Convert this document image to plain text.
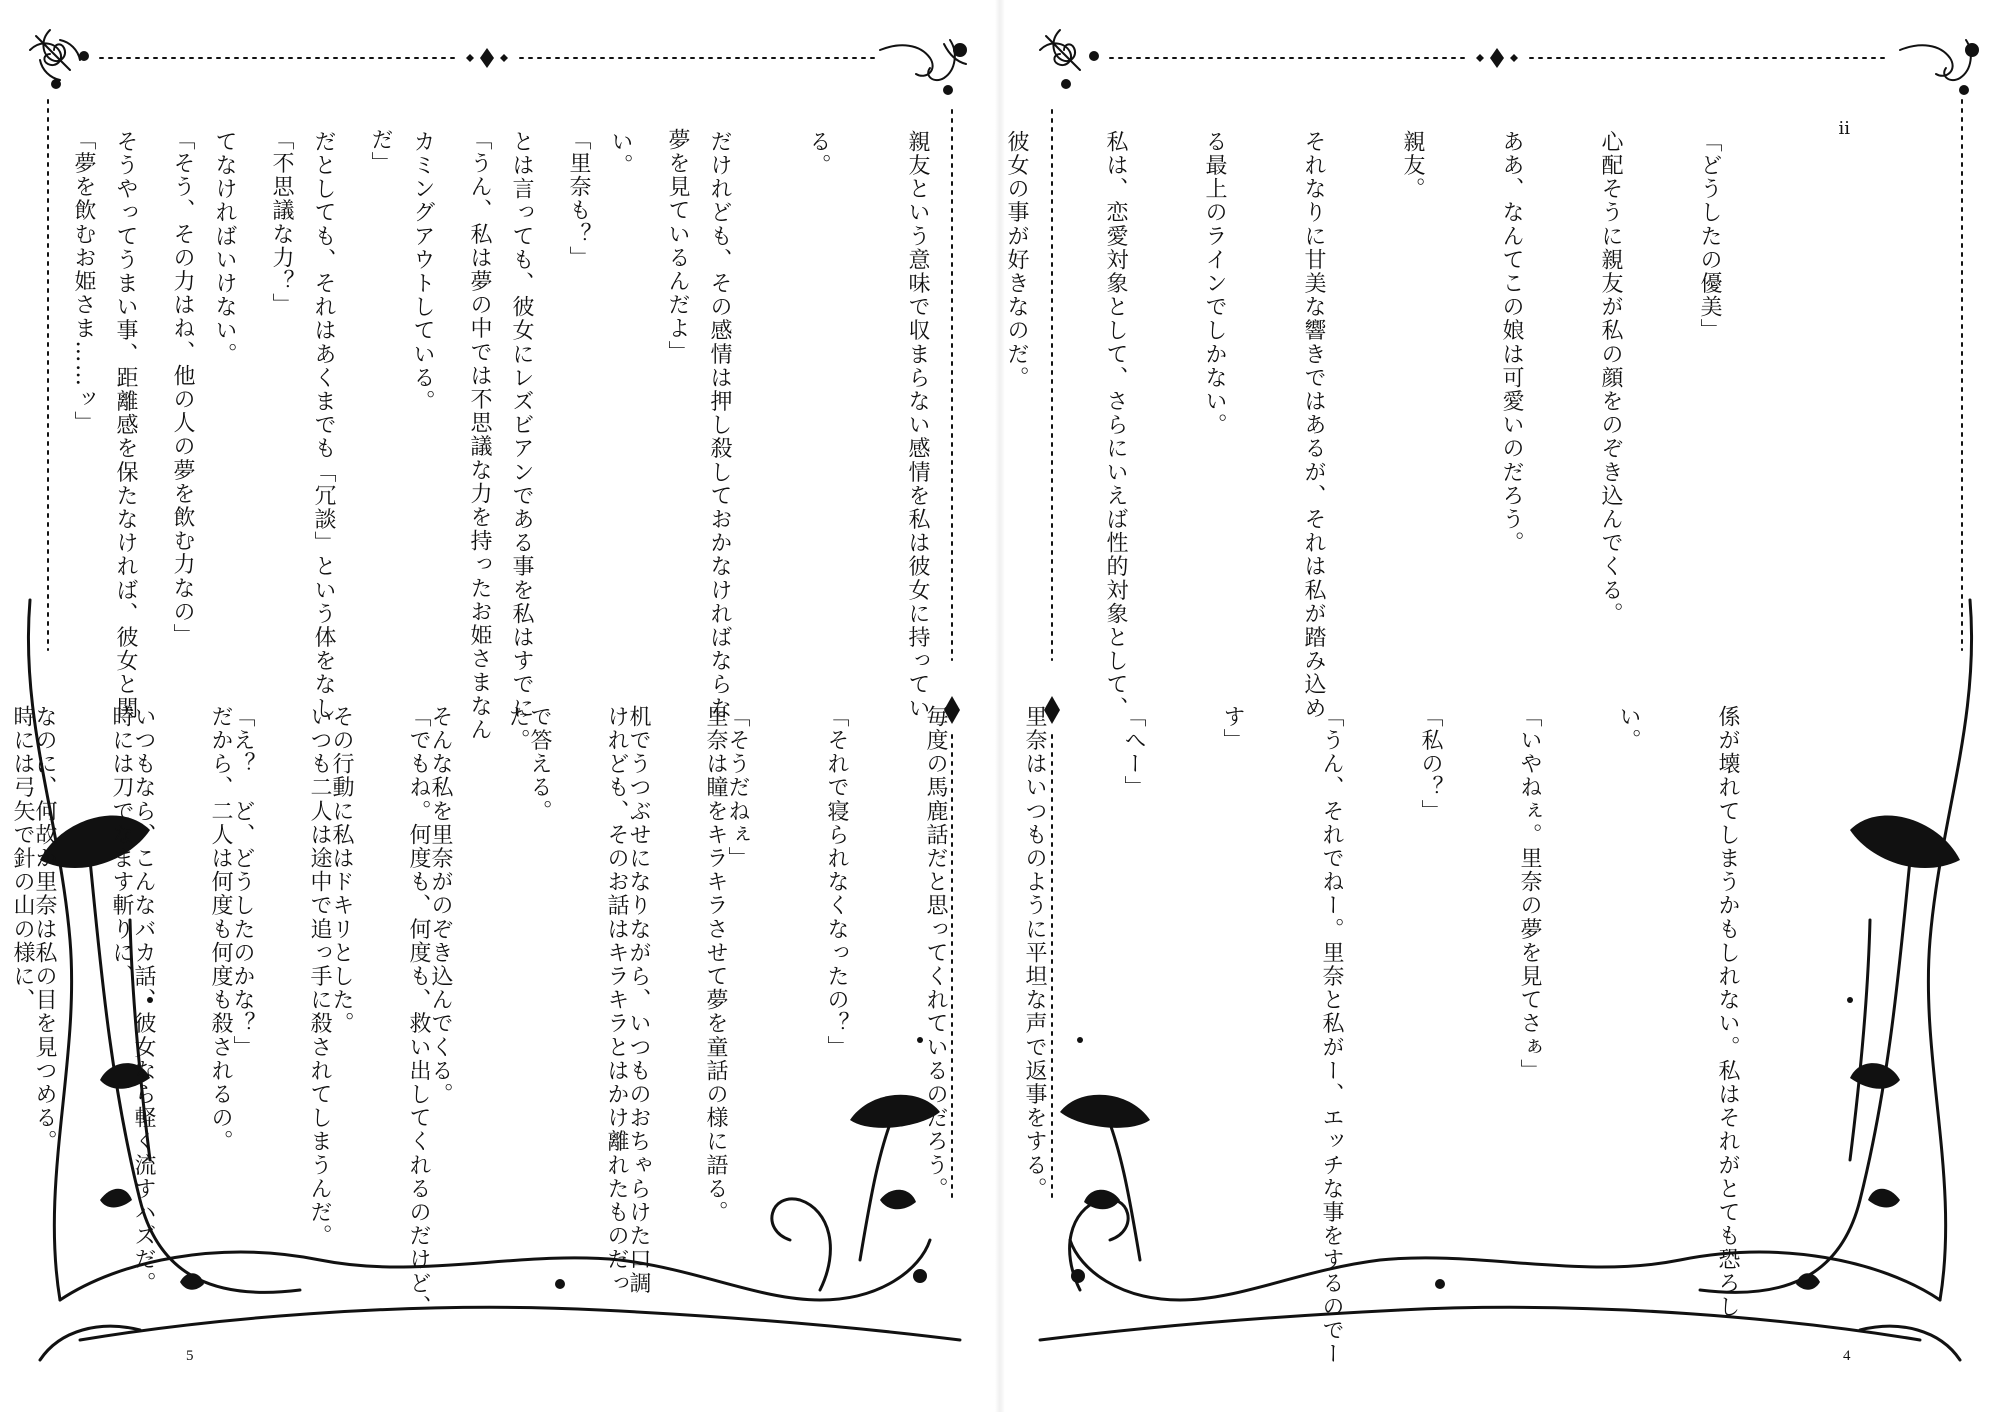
夢を見ているんだよ」

「里奈も？」

「うん、私は夢の中では不思議な力を持ったお姫さまなん

だ」

「不思議な力？」

「そう、その力はね、他の人の夢を飲む力なの」

「夢を飲むお姫さま……ッ」

里奈は瞳をキラキラさせて夢を童話の様に語る。

けれども、そのお話はキラキラとはかけ離れたものだっ

た。

「でもね。何度も、何度も、救い出してくれるのだけど、

いつも二人は途中で追っ手に殺されてしまうんだ。

だから、二人は何度も何度も殺されるの。

時には刀でなます斬りに、

時には弓矢で針の山の様に、

5
ii

「どうしたの優美」

心配そうに親友が私の顔をのぞき込んでくる。

ああ、なんてこの娘は可愛いのだろう。

親友。

それなりに甘美な響きではあるが、それは私が踏み込め

る最上のラインでしかない。

私は、恋愛対象として、さらにいえば性的対象として、

彼女の事が好きなのだ。

親友という意味で収まらない感情を私は彼女に持ってい

る。

だけれども、その感情は押し殺しておかなければならな

い。

とは言っても、彼女にレズビアンである事を私はすでに

カミングアウトしている。

だとしても、それはあくまでも「冗談」という体をなし

てなければいけない。

そうやってうまい事、距離感を保たなければ、彼女と関

係が壊れてしまうかもしれない。私はそれがとても恐ろし

い。

「いやねぇ。里奈の夢を見てさぁ」

「私の？」

「うん、それでねー。里奈と私がー、エッチな事をするのでー

す」

「へー」

里奈はいつものように平坦な声で返事をする。

毎度の馬鹿話だと思ってくれているのだろう。

「それで寝られなくなったの？」

「そうだねぇ」

机でうつぶせになりながら、いつものおちゃらけた口調

で答える。

そんな私を里奈がのぞき込んでくる。

その行動に私はドキリとした。

「え？　ど、どうしたのかな？」

いつもなら、こんなバカ話、彼女なら軽く流すハズだ。

なのに、何故か里奈は私の目を見つめる。

4
